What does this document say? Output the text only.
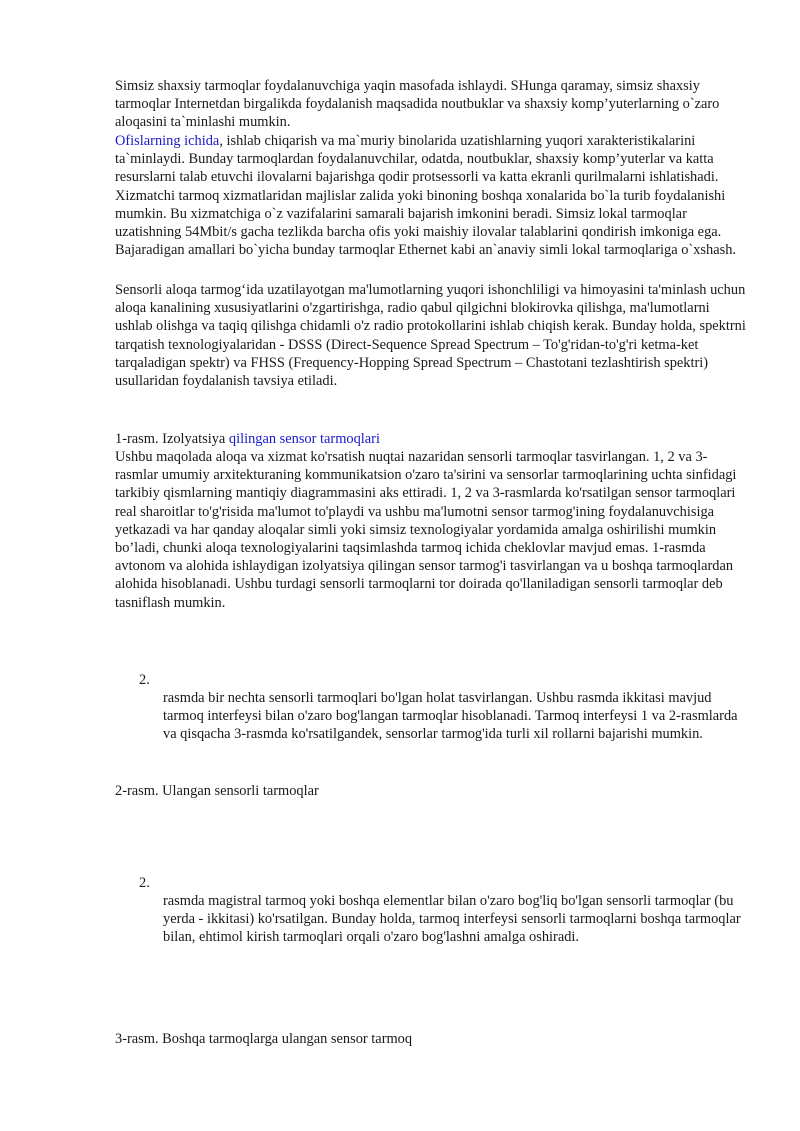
Simsiz shaxsiy tarmoqlar foydalanuvchiga yaqin masofada ishlaydi. SHunga qaramay, simsiz shaxsiy tarmoqlar Internetdan birgalikda foydalanish maqsadida noutbuklar va shaxsiy komp’yuterlarning o`zaro aloqasini ta`minlashi mumkin.

Ofislarning ichida, ishlab chiqarish va ma`muriy binolarida uzatishlarning yuqori xarakteristikalarini ta`minlaydi. Bunday tarmoqlardan foydalanuvchilar, odatda, noutbuklar, shaxsiy komp’yuterlar va katta resurslarni talab etuvchi ilovalarni bajarishga qodir protsessorli va katta ekranli qurilmalarni ishlatishadi. Xizmatchi tarmoq xizmatlaridan majlislar zalida yoki binoning boshqa xonalarida bo`la turib foydalanishi mumkin. Bu xizmatchiga o`z vazifalarini samarali bajarish imkonini beradi. Simsiz lokal tarmoqlar uzatishning 54Mbit/s gacha tezlikda barcha ofis yoki maishiy ilovalar talablarini qondirish imkoniga ega. Bajaradigan amallari bo`yicha bunday tarmoqlar Ethernet kabi an`anaviy simli lokal tarmoqlariga o`xshash.

Sensorli aloqa tarmog‘ida uzatilayotgan ma'lumotlarning yuqori ishonchliligi va himoyasini ta'minlash uchun aloqa kanalining xususiyatlarini o'zgartirishga, radio qabul qilgichni blokirovka qilishga, ma'lumotlarni ushlab olishga va taqiq qilishga chidamli o'z radio protokollarini ishlab chiqish kerak. Bunday holda, spektrni tarqatish texnologiyalaridan - DSSS (Direct-Sequence Spread Spectrum – To'g'ridan-to'g'ri ketma-ket tarqaladigan spektr) va FHSS (Frequency-Hopping Spread Spectrum – Chastotani tezlashtirish spektri) usullaridan foydalanish tavsiya etiladi.

1-rasm. Izolyatsiya qilingan sensor tarmoqlari

Ushbu maqolada aloqa va xizmat ko'rsatish nuqtai nazaridan sensorli tarmoqlar tasvirlangan. 1, 2 va 3-rasmlar umumiy arxitekturaning kommunikatsion o'zaro ta'sirini va sensorlar tarmoqlarining uchta sinfidagi tarkibiy qismlarning mantiqiy diagrammasini aks ettiradi. 1, 2 va 3-rasmlarda ko'rsatilgan sensor tarmoqlari real sharoitlar to'g'risida ma'lumot to'playdi va ushbu ma'lumotni sensor tarmog'ining foydalanuvchisiga yetkazadi va har qanday aloqalar simli yoki simsiz texnologiyalar yordamida amalga oshirilishi mumkin bo’ladi, chunki aloqa texnologiyalarini taqsimlashda tarmoq ichida cheklovlar mavjud emas. 1-rasmda avtonom va alohida ishlaydigan izolyatsiya qilingan sensor tarmog'i tasvirlangan va u boshqa tarmoqlardan alohida hisoblanadi. Ushbu turdagi sensorli tarmoqlarni tor doirada qo'llaniladigan sensorli tarmoqlar deb tasniflash mumkin.

2.

rasmda bir nechta sensorli tarmoqlari bo'lgan holat tasvirlangan. Ushbu rasmda ikkitasi mavjud tarmoq interfeysi bilan o'zaro bog'langan tarmoqlar hisoblanadi. Tarmoq interfeysi 1 va 2-rasmlarda va qisqacha 3-rasmda ko'rsatilgandek, sensorlar tarmog'ida turli xil rollarni bajarishi mumkin.

2-rasm. Ulangan sensorli tarmoqlar

2.

rasmda magistral tarmoq yoki boshqa elementlar bilan o'zaro bog'liq bo'lgan sensorli tarmoqlar (bu yerda - ikkitasi) ko'rsatilgan. Bunday holda, tarmoq interfeysi sensorli tarmoqlarni boshqa tarmoqlar bilan, ehtimol kirish tarmoqlari orqali o'zaro bog'lashni amalga oshiradi.

3-rasm. Boshqa tarmoqlarga ulangan sensor tarmoq
